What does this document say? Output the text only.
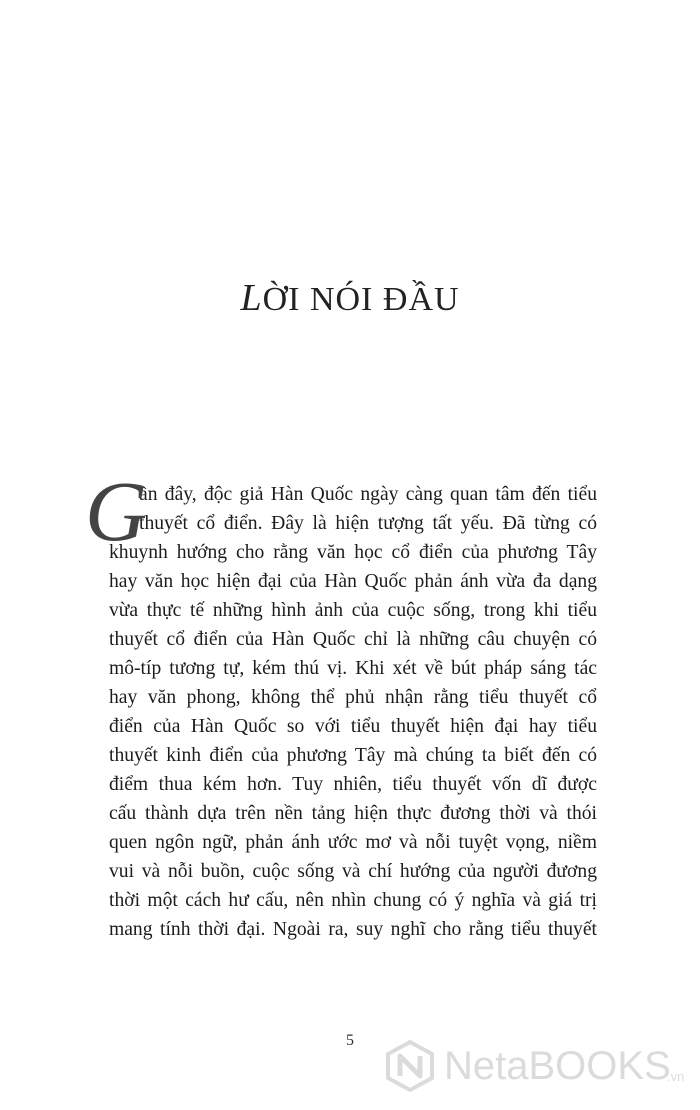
LỜI NÓI ĐẦU
G
ần đây, độc giả Hàn Quốc ngày càng quan tâm đến tiểu
thuyết cổ điển. Đây là hiện tượng tất yếu. Đã từng có
khuynh hướng cho rằng văn học cổ điển của phương Tây
hay văn học hiện đại của Hàn Quốc phản ánh vừa đa dạng
vừa thực tế những hình ảnh của cuộc sống, trong khi tiểu
thuyết cổ điển của Hàn Quốc chỉ là những câu chuyện có
mô-típ tương tự, kém thú vị. Khi xét về bút pháp sáng tác
hay văn phong, không thể phủ nhận rằng tiểu thuyết cổ
điển của Hàn Quốc so với tiểu thuyết hiện đại hay tiểu
thuyết kinh điển của phương Tây mà chúng ta biết đến có
điểm thua kém hơn. Tuy nhiên, tiểu thuyết vốn dĩ được
cấu thành dựa trên nền tảng hiện thực đương thời và thói
quen ngôn ngữ, phản ánh ước mơ và nỗi tuyệt vọng, niềm
vui và nỗi buồn, cuộc sống và chí hướng của người đương
thời một cách hư cấu, nên nhìn chung có ý nghĩa và giá trị
mang tính thời đại. Ngoài ra, suy nghĩ cho rằng tiểu thuyết
5
NetaBOOKS
.vn
